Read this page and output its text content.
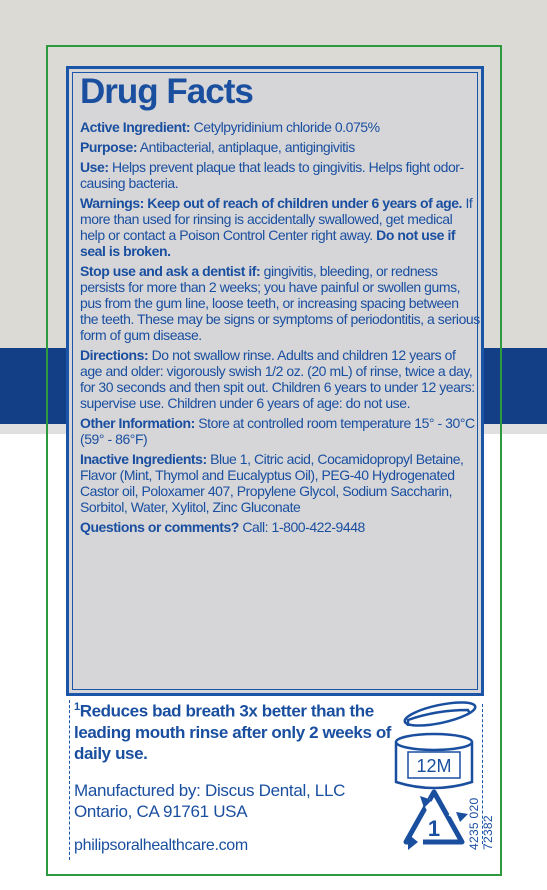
Drug Facts

Active Ingredient: Cetylpyridinium chloride 0.075%

Purpose: Antibacterial, antiplaque, antigingivitis

Use: Helps prevent plaque that leads to gingivitis. Helps fight odor-causing bacteria.

Warnings: Keep out of reach of children under 6 years of age. If more than used for rinsing is accidentally swallowed, get medical help or contact a Poison Control Center right away. Do not use if seal is broken.

Stop use and ask a dentist if: gingivitis, bleeding, or redness persists for more than 2 weeks; you have painful or swollen gums, pus from the gum line, loose teeth, or increasing spacing between the teeth. These may be signs or symptoms of periodontitis, a serious form of gum disease.

Directions: Do not swallow rinse. Adults and children 12 years of age and older: vigorously swish 1/2 oz. (20 mL) of rinse, twice a day, for 30 seconds and then spit out. Children 6 years to under 12 years: supervise use. Children under 6 years of age: do not use.

Other Information: Store at controlled room temperature 15° - 30°C (59° - 86°F)

Inactive Ingredients: Blue 1, Citric acid, Cocamidopropyl Betaine, Flavor (Mint, Thymol and Eucalyptus Oil), PEG-40 Hydrogenated Castor oil, Poloxamer 407, Propylene Glycol, Sodium Saccharin, Sorbitol, Water, Xylitol, Zinc Gluconate

Questions or comments? Call: 1-800-422-9448

$^1$Reduces bad breath 3x better than the leading mouth rinse after only 2 weeks of daily use.
Manufactured by: Discus Dental, LLC
Ontario, CA 91761 USA
philipsoralhealthcare.com
12M
1 4235 020 72382
